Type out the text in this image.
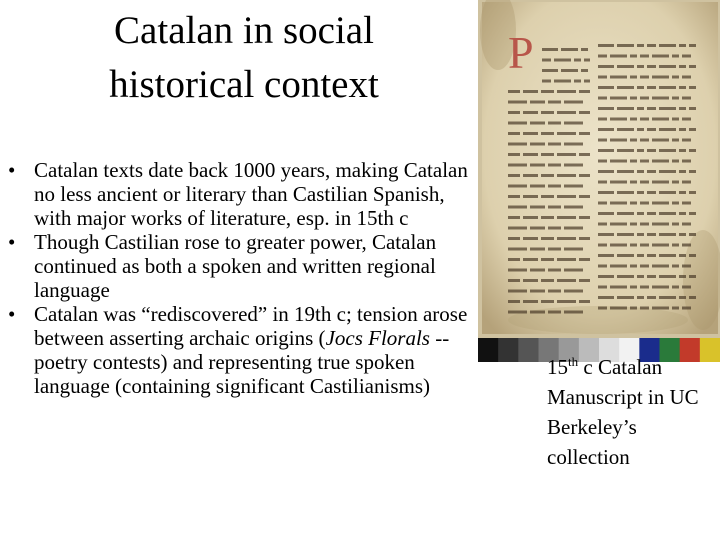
Catalan in social historical context
• Catalan texts date back 1000 years, making Catalan no less ancient or literary than Castilian Spanish, with major works of literature, esp. in 15th c
• Though Castilian rose to greater power, Catalan continued as both a spoken and written regional language
• Catalan was “rediscovered” in 19th c; tension arose between asserting archaic origins (Jocs Florals -- poetry contests) and representing true spoken language (containing significant Castilianisms)
P
15th c Catalan Manuscript in UC Berkeley’s collection
